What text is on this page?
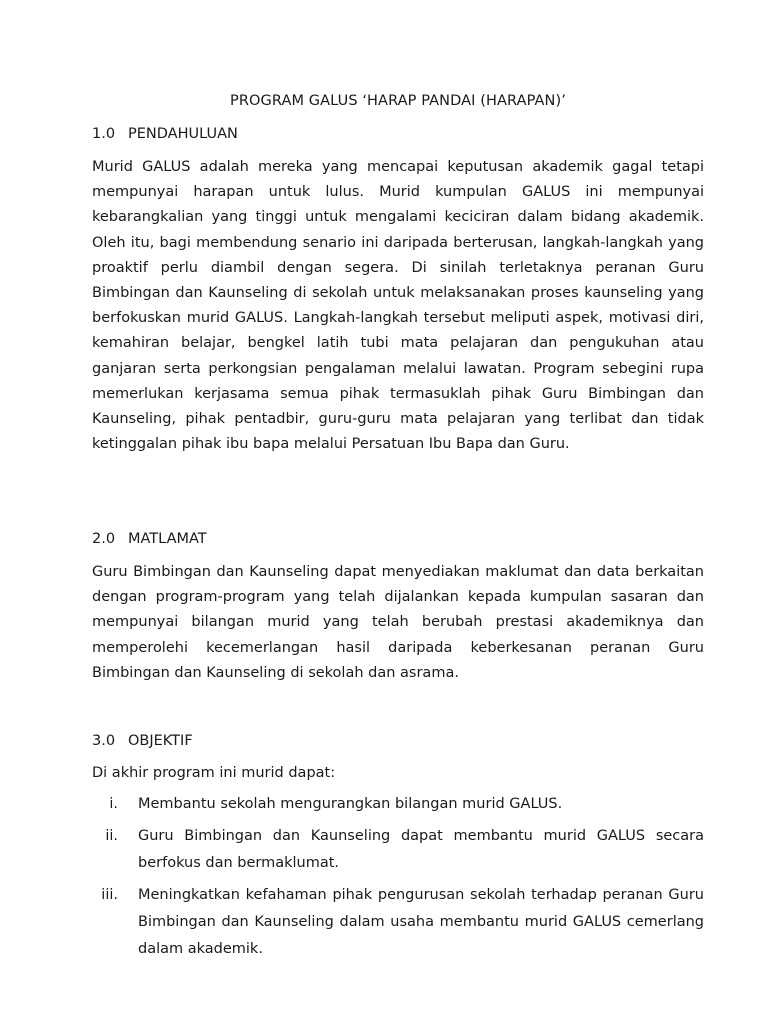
PROGRAM GALUS ‘HARAP PANDAI (HARAPAN)’
1.0 PENDAHULUAN
Murid GALUS adalah mereka yang mencapai keputusan akademik gagal tetapi mempunyai harapan untuk lulus. Murid kumpulan GALUS ini mempunyai kebarangkalian yang tinggi untuk mengalami keciciran dalam bidang akademik. Oleh itu, bagi membendung senario ini daripada berterusan, langkah-langkah yang proaktif perlu diambil dengan segera. Di sinilah terletaknya peranan Guru Bimbingan dan Kaunseling di sekolah untuk melaksanakan proses kaunseling yang berfokuskan murid GALUS. Langkah-langkah tersebut meliputi aspek, motivasi diri, kemahiran belajar, bengkel latih tubi mata pelajaran dan pengukuhan atau ganjaran serta perkongsian pengalaman melalui lawatan. Program sebegini rupa memerlukan kerjasama semua pihak termasuklah pihak Guru Bimbingan dan Kaunseling, pihak pentadbir, guru-guru mata pelajaran yang terlibat dan tidak ketinggalan pihak ibu bapa melalui Persatuan Ibu Bapa dan Guru.
2.0 MATLAMAT
Guru Bimbingan dan Kaunseling dapat menyediakan maklumat dan data berkaitan dengan program-program yang telah dijalankan kepada kumpulan sasaran dan mempunyai bilangan murid yang telah berubah prestasi akademiknya dan memperolehi kecemerlangan hasil daripada keberkesanan peranan Guru Bimbingan dan Kaunseling di sekolah dan asrama.
3.0 OBJEKTIF
Di akhir program ini murid dapat:
i. Membantu sekolah mengurangkan bilangan murid GALUS.
ii. Guru Bimbingan dan Kaunseling dapat membantu murid GALUS secara berfokus dan bermaklumat.
iii. Meningkatkan kefahaman pihak pengurusan sekolah terhadap peranan Guru Bimbingan dan Kaunseling dalam usaha membantu murid GALUS cemerlang dalam akademik.
